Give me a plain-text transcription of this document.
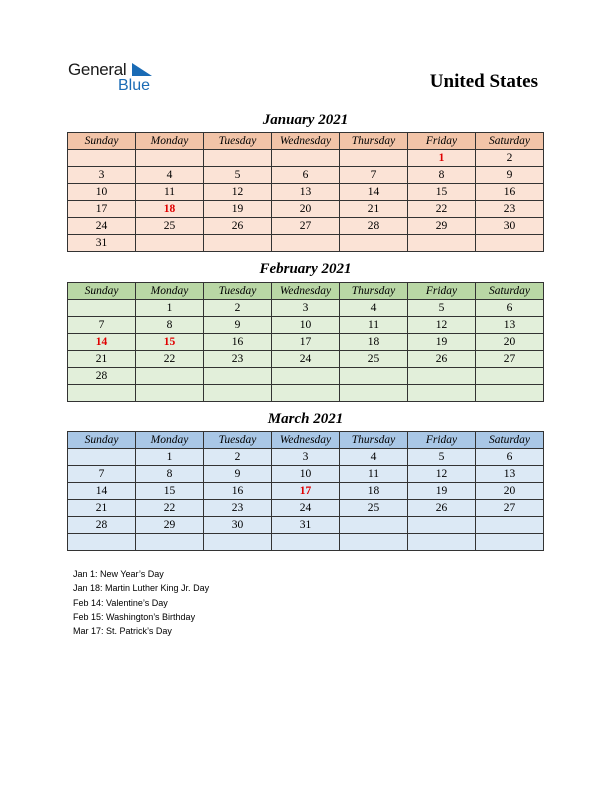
General
Blue	United States
January 2021
Sunday	Monday	Tuesday	Wednesday	Thursday	Friday	Saturday
					1	2
3	4	5	6	7	8	9
10	11	12	13	14	15	16
17	18	19	20	21	22	23
24	25	26	27	28	29	30
31						
February 2021
Sunday	Monday	Tuesday	Wednesday	Thursday	Friday	Saturday
	1	2	3	4	5	6
7	8	9	10	11	12	13
14	15	16	17	18	19	20
21	22	23	24	25	26	27
28						

March 2021
Sunday	Monday	Tuesday	Wednesday	Thursday	Friday	Saturday
	1	2	3	4	5	6
7	8	9	10	11	12	13
14	15	16	17	18	19	20
21	22	23	24	25	26	27
28	29	30	31			

Jan 1: New Year’s Day
Jan 18: Martin Luther King Jr. Day
Feb 14: Valentine’s Day
Feb 15: Washington’s Birthday
Mar 17: St. Patrick’s Day
